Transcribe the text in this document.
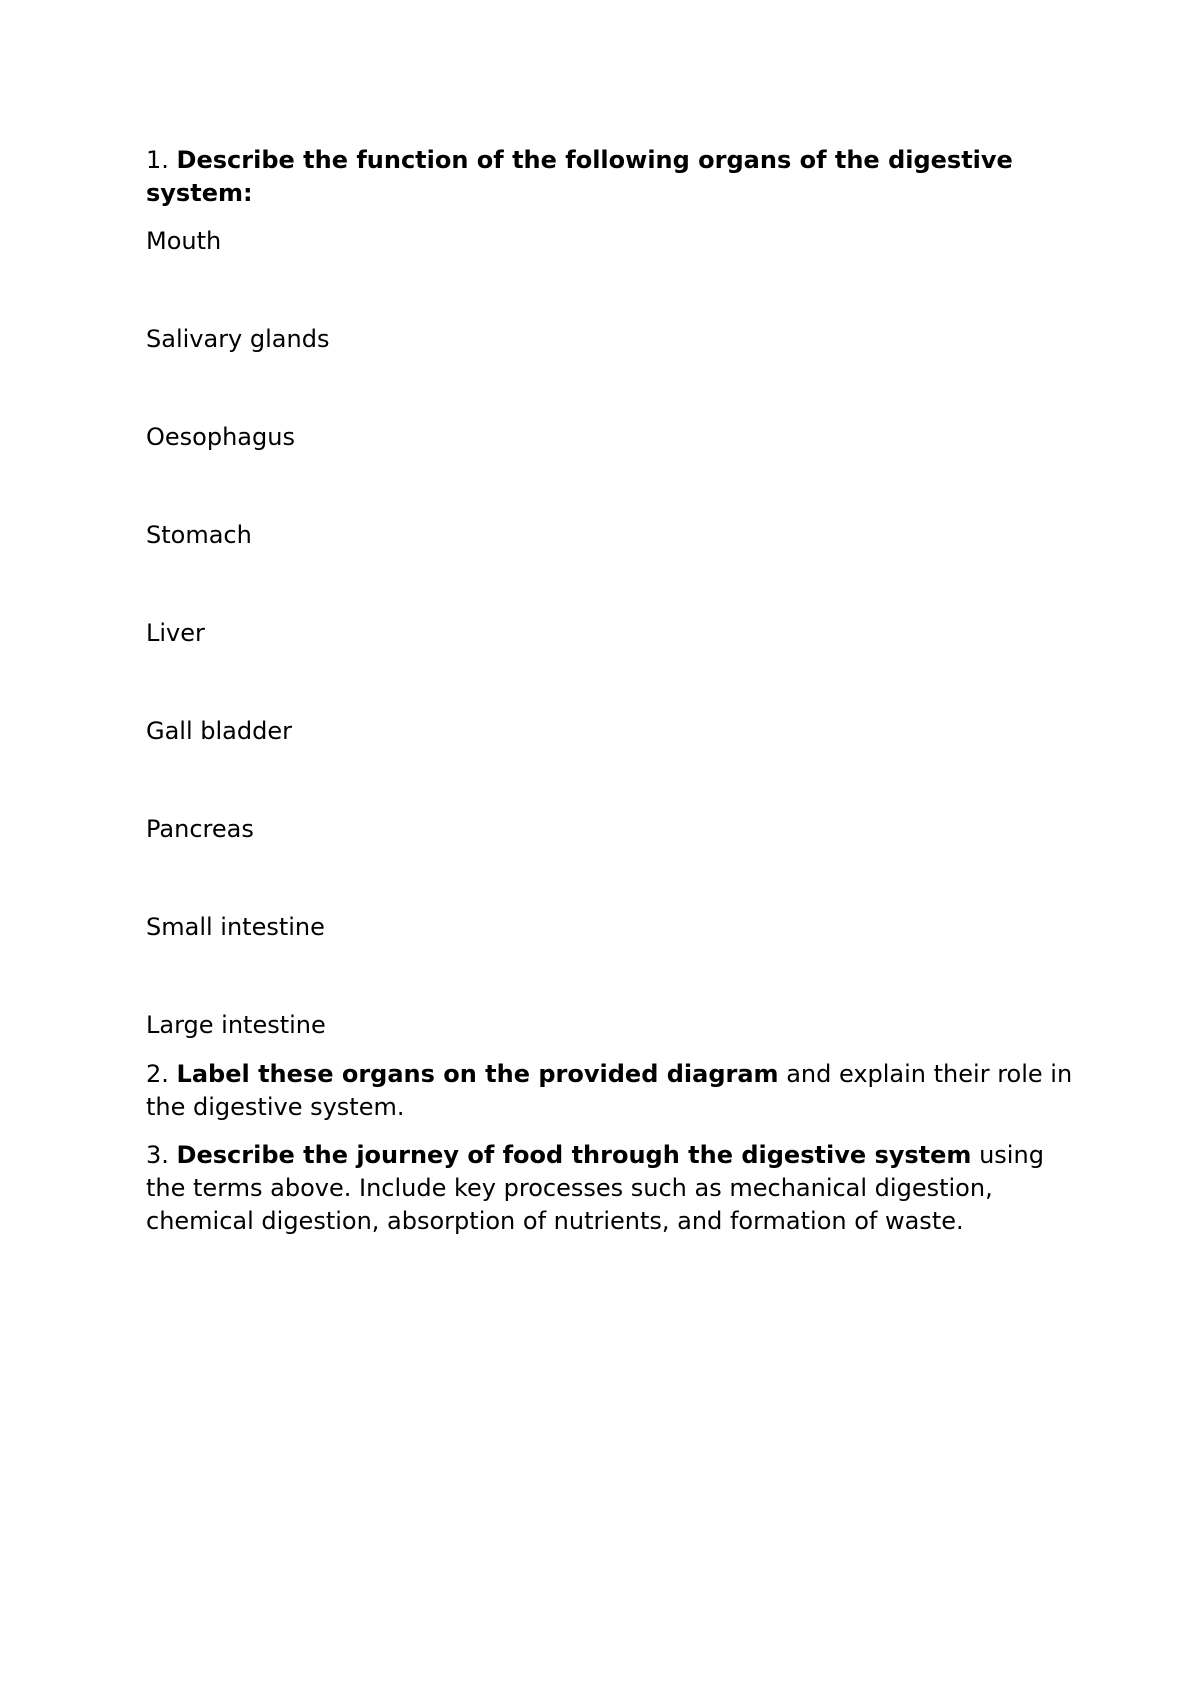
1. Describe the function of the following organs of the digestive system:
Mouth
Salivary glands
Oesophagus
Stomach
Liver
Gall bladder
Pancreas
Small intestine
Large intestine
2. Label these organs on the provided diagram and explain their role in the digestive system.
3. Describe the journey of food through the digestive system using the terms above. Include key processes such as mechanical digestion, chemical digestion, absorption of nutrients, and formation of waste.
